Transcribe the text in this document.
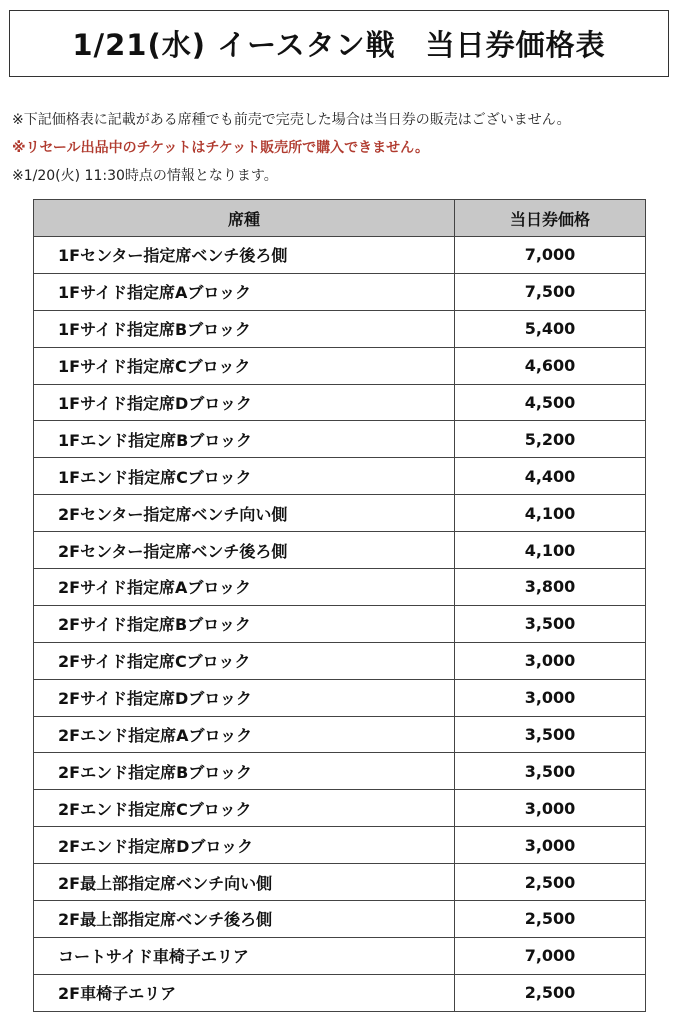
1/21(水) イースタン戦　当日券価格表
※下記価格表に記載がある席種でも前売で完売した場合は当日券の販売はございません。
※リセール出品中のチケットはチケット販売所で購入できません。
※1/20(火) 11:30時点の情報となります。
席種	当日券価格
1Fセンター指定席ベンチ後ろ側	7,000
1Fサイド指定席Aブロック	7,500
1Fサイド指定席Bブロック	5,400
1Fサイド指定席Cブロック	4,600
1Fサイド指定席Dブロック	4,500
1Fエンド指定席Bブロック	5,200
1Fエンド指定席Cブロック	4,400
2Fセンター指定席ベンチ向い側	4,100
2Fセンター指定席ベンチ後ろ側	4,100
2Fサイド指定席Aブロック	3,800
2Fサイド指定席Bブロック	3,500
2Fサイド指定席Cブロック	3,000
2Fサイド指定席Dブロック	3,000
2Fエンド指定席Aブロック	3,500
2Fエンド指定席Bブロック	3,500
2Fエンド指定席Cブロック	3,000
2Fエンド指定席Dブロック	3,000
2F最上部指定席ベンチ向い側	2,500
2F最上部指定席ベンチ後ろ側	2,500
コートサイド車椅子エリア	7,000
2F車椅子エリア	2,500
